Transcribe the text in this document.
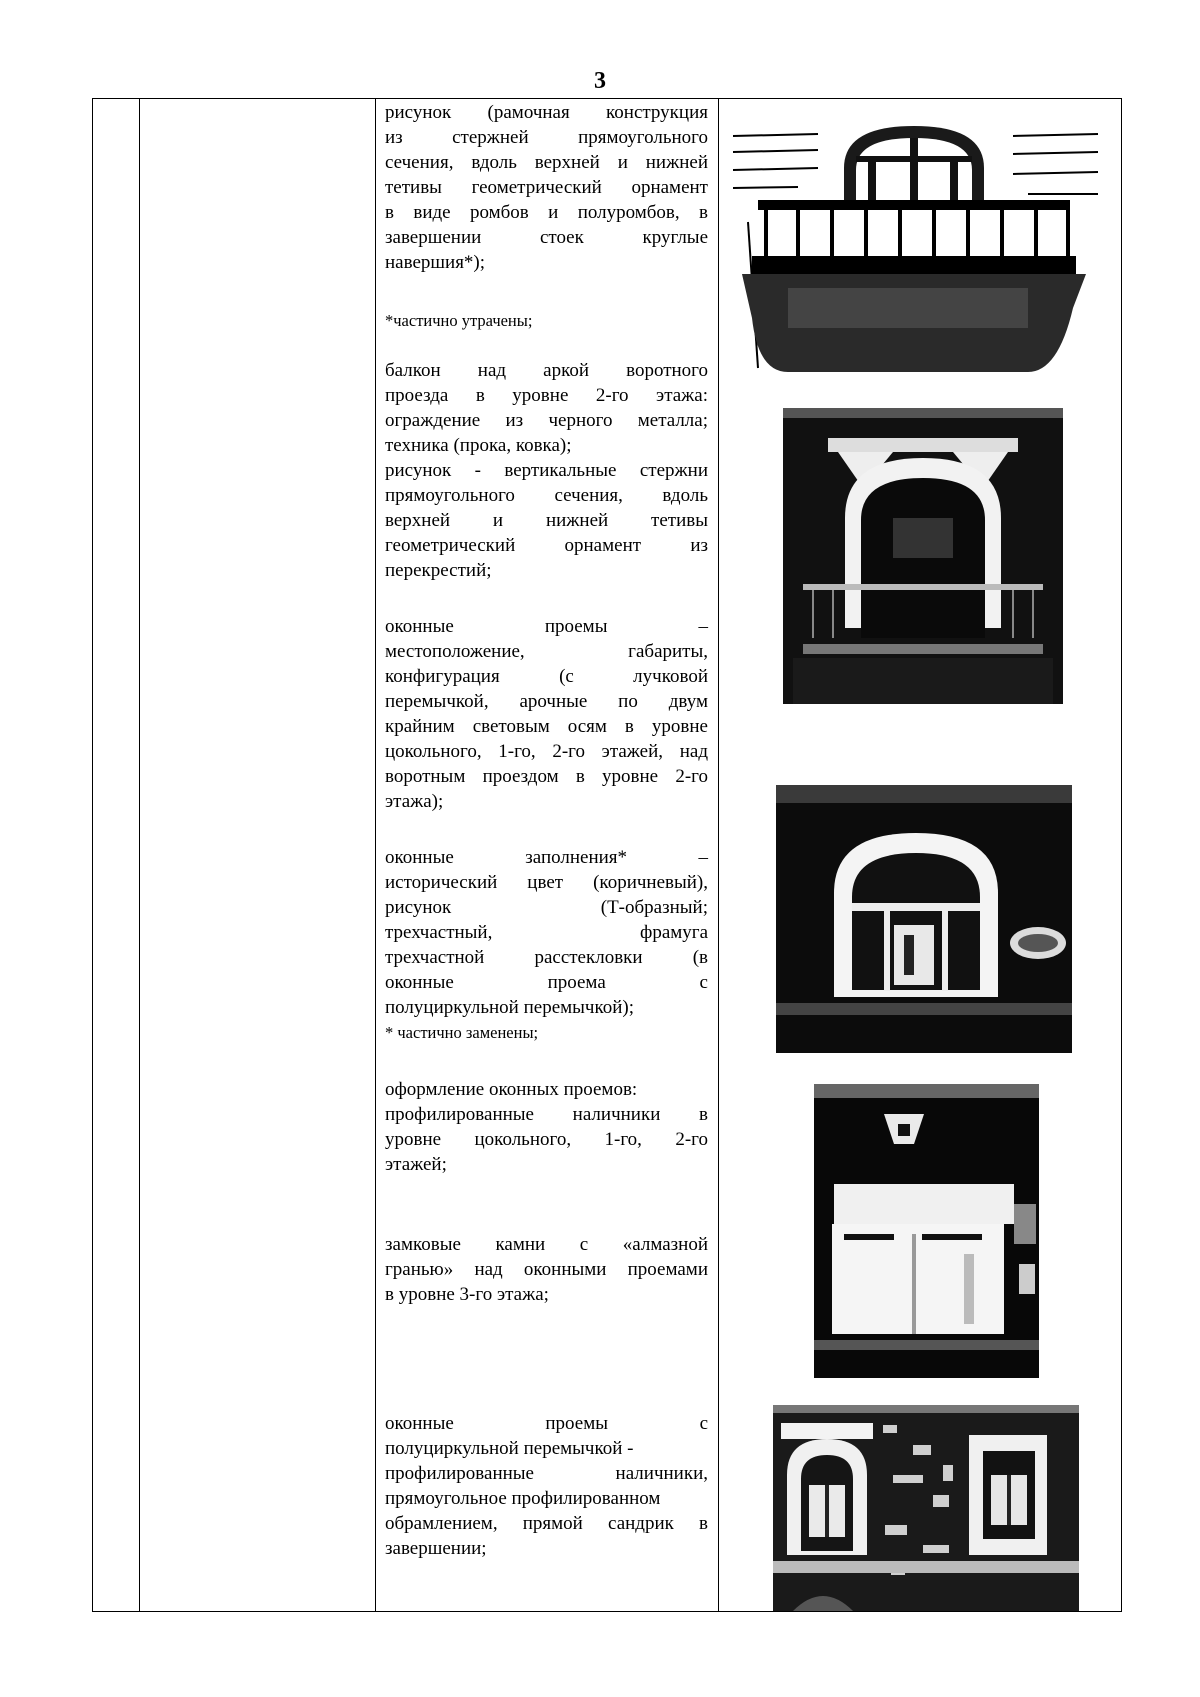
3

рисунок (рамочная конструкция

из стержней прямоугольного

сечения, вдоль верхней и нижней

тетивы геометрический орнамент

в виде ромбов и полуромбов, в

завершении стоек круглые

навершия*);

*частично утрачены;

балкон над аркой воротного

проезда в уровне 2-го этажа:

ограждение из черного металла;

техника (прока, ковка);

рисунок - вертикальные стержни

прямоугольного сечения, вдоль

верхней и нижней тетивы

геометрический орнамент из

перекрестий;

оконные проемы –

местоположение, габариты,

конфигурация (с лучковой

перемычкой, арочные по двум

крайним световым осям в уровне

цокольного, 1-го, 2-го этажей, над

воротным проездом в уровне 2-го

этажа);

оконные заполнения* –

исторический цвет (коричневый),

рисунок (Т-образный;

трехчастный, фрамуга

трехчастной расстекловки (в

оконные проема с

полуциркульной перемычкой);

* частично заменены;

оформление оконных проемов:

профилированные наличники в

уровне цокольного, 1-го, 2-го

этажей;

замковые камни с «алмазной

гранью» над оконными проемами

в уровне 3-го этажа;

оконные проемы с

полуциркульной перемычкой -

профилированные наличники,

прямоугольное профилированном

обрамлением, прямой сандрик в

завершении;
